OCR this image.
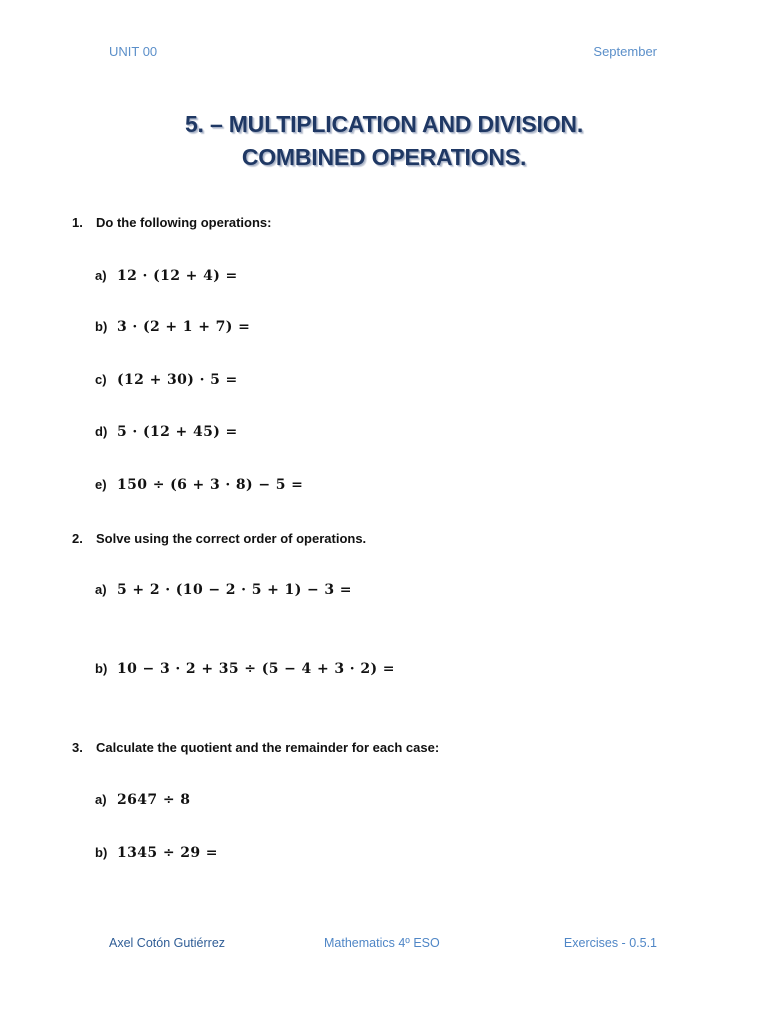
UNIT 00	September
5. – MULTIPLICATION AND DIVISION.
COMBINED OPERATIONS.
1. Do the following operations:
a) 12 · (12 + 4) =
b) 3 · (2 + 1 + 7) =
c) (12 + 30) · 5 =
d) 5 · (12 + 45) =
e) 150 ÷ (6 + 3 · 8) − 5 =
2. Solve using the correct order of operations.
a) 5 + 2 · (10 − 2 · 5 + 1) − 3 =
b) 10 − 3 · 2 + 35 ÷ (5 − 4 + 3 · 2) =
3. Calculate the quotient and the remainder for each case:
a) 2647 ÷ 8
b) 1345 ÷ 29 =
Axel Cotón Gutiérrez	Mathematics 4º ESO	Exercises - 0.5.1
